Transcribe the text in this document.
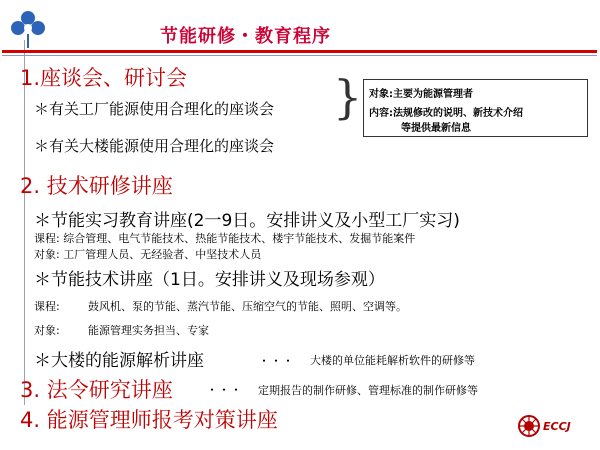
节能研修・教育程序
1.座谈会、研讨会
＊有关工厂能源使用合理化的座谈会
＊有关大楼能源使用合理化的座谈会
} 对象:主要为能源管理者
内容:法规修改的说明、新技术介绍
等提供最新信息
2. 技术研修讲座
＊节能实习教育讲座(2一9日。安排讲义及小型工厂实习)
课程: 综合管理、电气节能技术、热能节能技术、楼宇节能技术、发掘节能案件
对象: 工厂管理人员、无经验者、中坚技术人员
＊节能技术讲座（1日。安排讲义及现场参观）
课程:	鼓风机、泵的节能、蒸汽节能、压缩空气的节能、照明、空调等。
对象:	能源管理实务担当、专家
＊大楼的能源解析讲座	・・・ 大楼的单位能耗解析软件的研修等
3. 法令研究讲座	・・・ 定期报告的制作研修、管理标准的制作研修等
4. 能源管理师报考对策讲座	ECCJ
